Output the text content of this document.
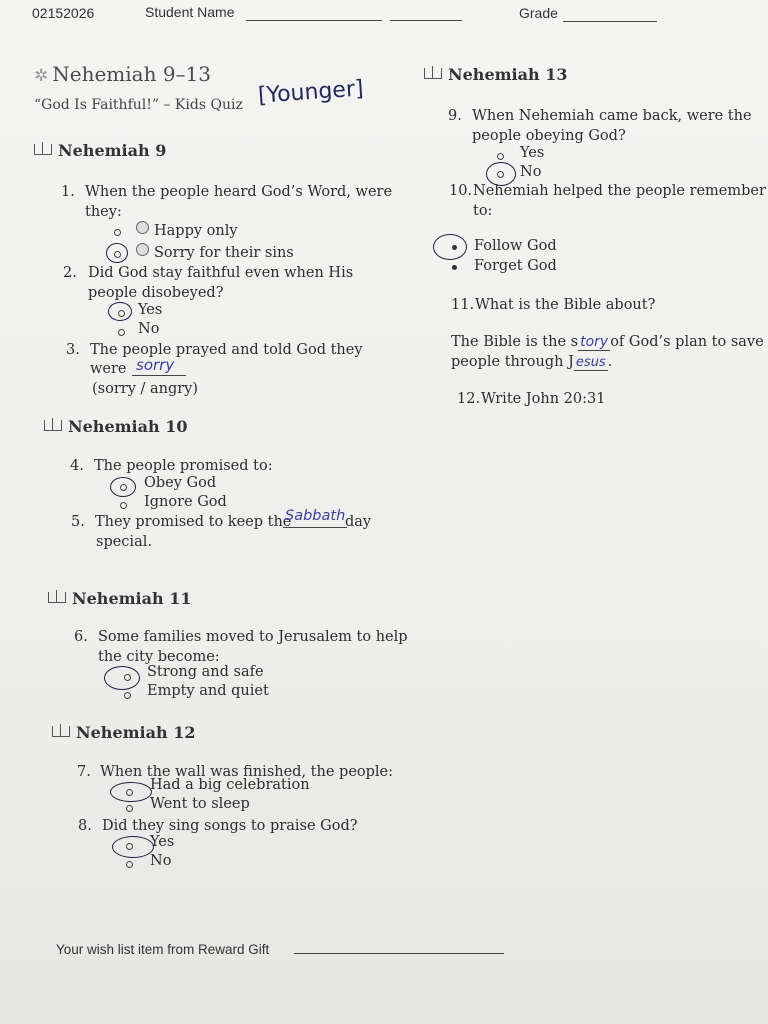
02152026	Student Name	Grade
✲ Nehemiah 9–13
“God Is Faithful!” – Kids Quiz [Younger]
Nehemiah 9
1. When the people heard God’s Word, were
they:
Happy only
Sorry for their sins
2. Did God stay faithful even when His
people disobeyed?
Yes
No
3. The people prayed and told God they
were sorry
(sorry / angry)
Nehemiah 10
4. The people promised to:
Obey God
Ignore God
5. They promised to keep the
Sabbath day
special.
Nehemiah 11
6. Some families moved to Jerusalem to help
the city become:
Strong and safe
Empty and quiet
Nehemiah 12
7. When the wall was finished, the people:
Had a big celebration
Went to sleep
8. Did they sing songs to praise God?
Yes
No
Nehemiah 13
9. When Nehemiah came back, were the
people obeying God?
Yes
No
10. Nehemiah helped the people remember
to:
Follow God
Forget God
11. What is the Bible about?
The Bible is the s tory of God’s plan to save
people through J esus .
12. Write John 20:31
Your wish list item from Reward Gift
